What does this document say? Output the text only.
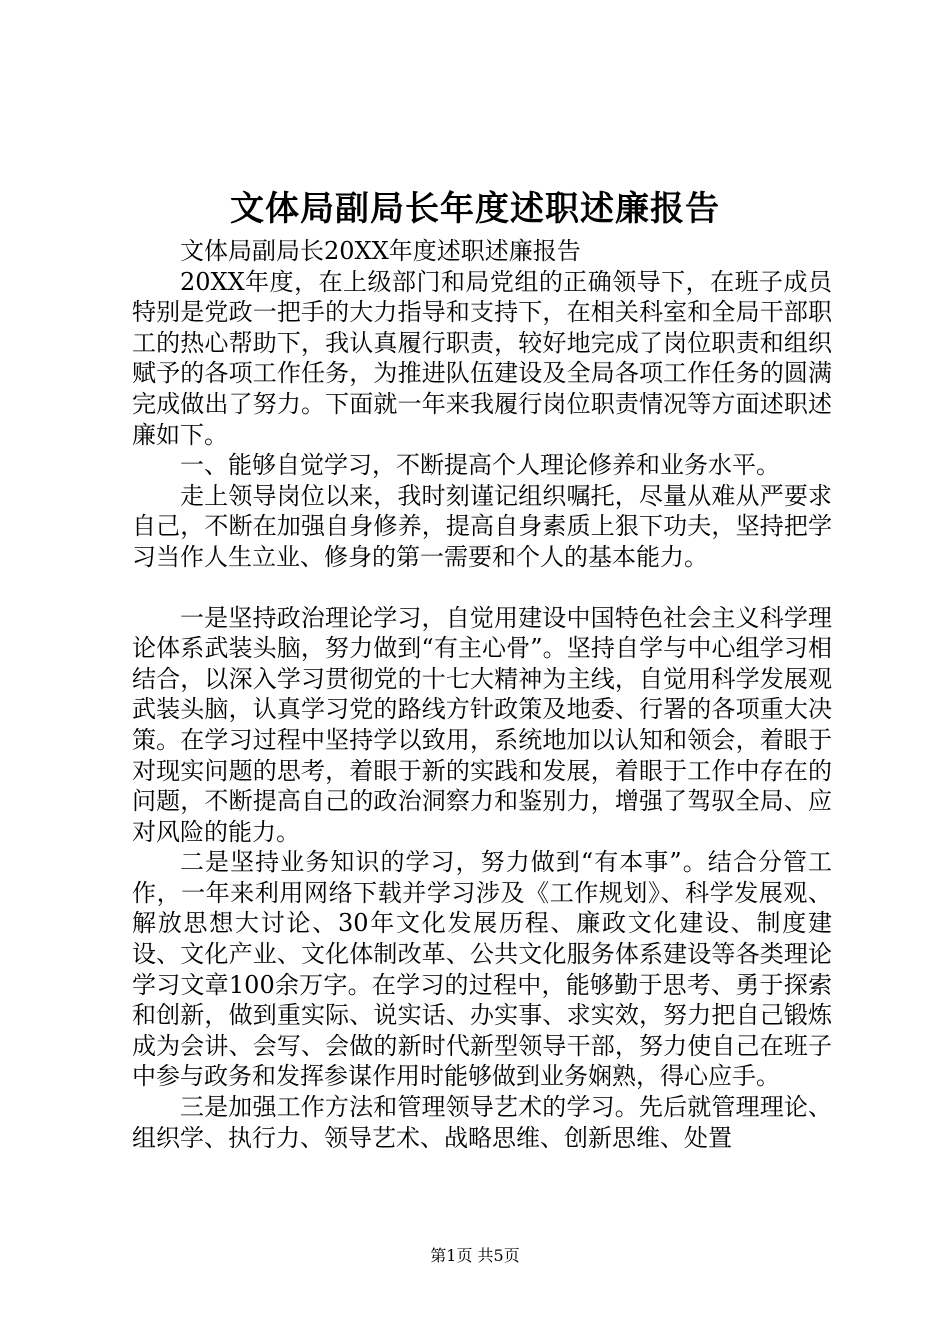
文体局副局长年度述职述廉报告

文体局副局长20XX年度述职述廉报告

20XX年度，在上级部门和局党组的正确领导下，在班子成员特别是党政一把手的大力指导和支持下，在相关科室和全局干部职工的热心帮助下，我认真履行职责，较好地完成了岗位职责和组织赋予的各项工作任务，为推进队伍建设及全局各项工作任务的圆满完成做出了努力。下面就一年来我履行岗位职责情况等方面述职述廉如下。

一、能够自觉学习，不断提高个人理论修养和业务水平。

走上领导岗位以来，我时刻谨记组织嘱托，尽量从难从严要求自己，不断在加强自身修养，提高自身素质上狠下功夫，坚持把学习当作人生立业、修身的第一需要和个人的基本能力。

一是坚持政治理论学习，自觉用建设中国特色社会主义科学理论体系武装头脑，努力做到“有主心骨”。坚持自学与中心组学习相结合，以深入学习贯彻党的十七大精神为主线，自觉用科学发展观武装头脑，认真学习党的路线方针政策及地委、行署的各项重大决策。在学习过程中坚持学以致用，系统地加以认知和领会，着眼于对现实问题的思考，着眼于新的实践和发展，着眼于工作中存在的问题，不断提高自己的政治洞察力和鉴别力，增强了驾驭全局、应对风险的能力。

二是坚持业务知识的学习，努力做到“有本事”。结合分管工作，一年来利用网络下载并学习涉及《工作规划》、科学发展观、解放思想大讨论、30年文化发展历程、廉政文化建设、制度建设、文化产业、文化体制改革、公共文化服务体系建设等各类理论学习文章100余万字。在学习的过程中，能够勤于思考、勇于探索和创新，做到重实际、说实话、办实事、求实效，努力把自己锻炼成为会讲、会写、会做的新时代新型领导干部，努力使自己在班子中参与政务和发挥参谋作用时能够做到业务娴熟，得心应手。

三是加强工作方法和管理领导艺术的学习。先后就管理理论、组织学、执行力、领导艺术、战略思维、创新思维、处置

第1页 共5页
